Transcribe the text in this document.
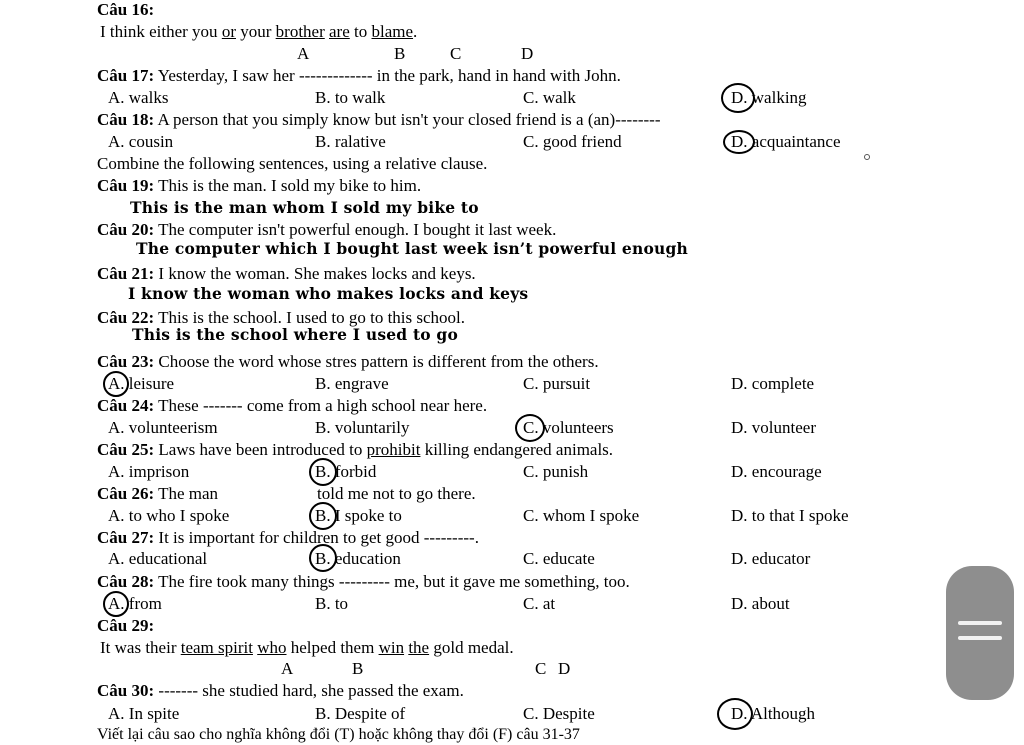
Câu 16:
I think either you or your brother are to blame.
A	B	C	D
Câu 17: Yesterday, I saw her ------------- in the park, hand in hand with John.
A. walks	B. to walk	C. walk	D. walking
Câu 18: A person that you simply know but isn't your closed friend is a (an)--------
A. cousin	B. ralative	C. good friend	D. acquaintance
Combine the following sentences, using a relative clause.
Câu 19: This is the man. I sold my bike to him.
This is the man whom I sold my bike to
Câu 20: The computer isn't powerful enough. I bought it last week.
The computer which I bought last week isn’t powerful enough
Câu 21: I know the woman. She makes locks and keys.
I know the woman who makes locks and keys
Câu 22: This is the school. I used to go to this school.
This is the school where I used to go
Câu 23: Choose the word whose stres pattern is different from the others.
A. leisure	B. engrave	C. pursuit	D. complete
Câu 24: These ------- come from a high school near here.
A. volunteerism	B. voluntarily	C. volunteers	D. volunteer
Câu 25: Laws have been introduced to prohibit killing endangered animals.
A. imprison	B. forbid	C. punish	D. encourage
Câu 26: The man	told me not to go there.
A. to who I spoke	B. I spoke to	C. whom I spoke	D. to that I spoke
Câu 27: It is important for children to get good ---------.
A. educational	B. education	C. educate	D. educator
Câu 28: The fire took many things --------- me, but it gave me something, too.
A. from	B. to	C. at	D. about
Câu 29:
It was their team spirit who helped them win the gold medal.
A	B	C D
Câu 30: ------- she studied hard, she passed the exam.
A. In spite	B. Despite of	C. Despite	D. Although
Viết lại câu sao cho nghĩa không đổi (T) hoặc không thay đổi (F) câu 31-37
